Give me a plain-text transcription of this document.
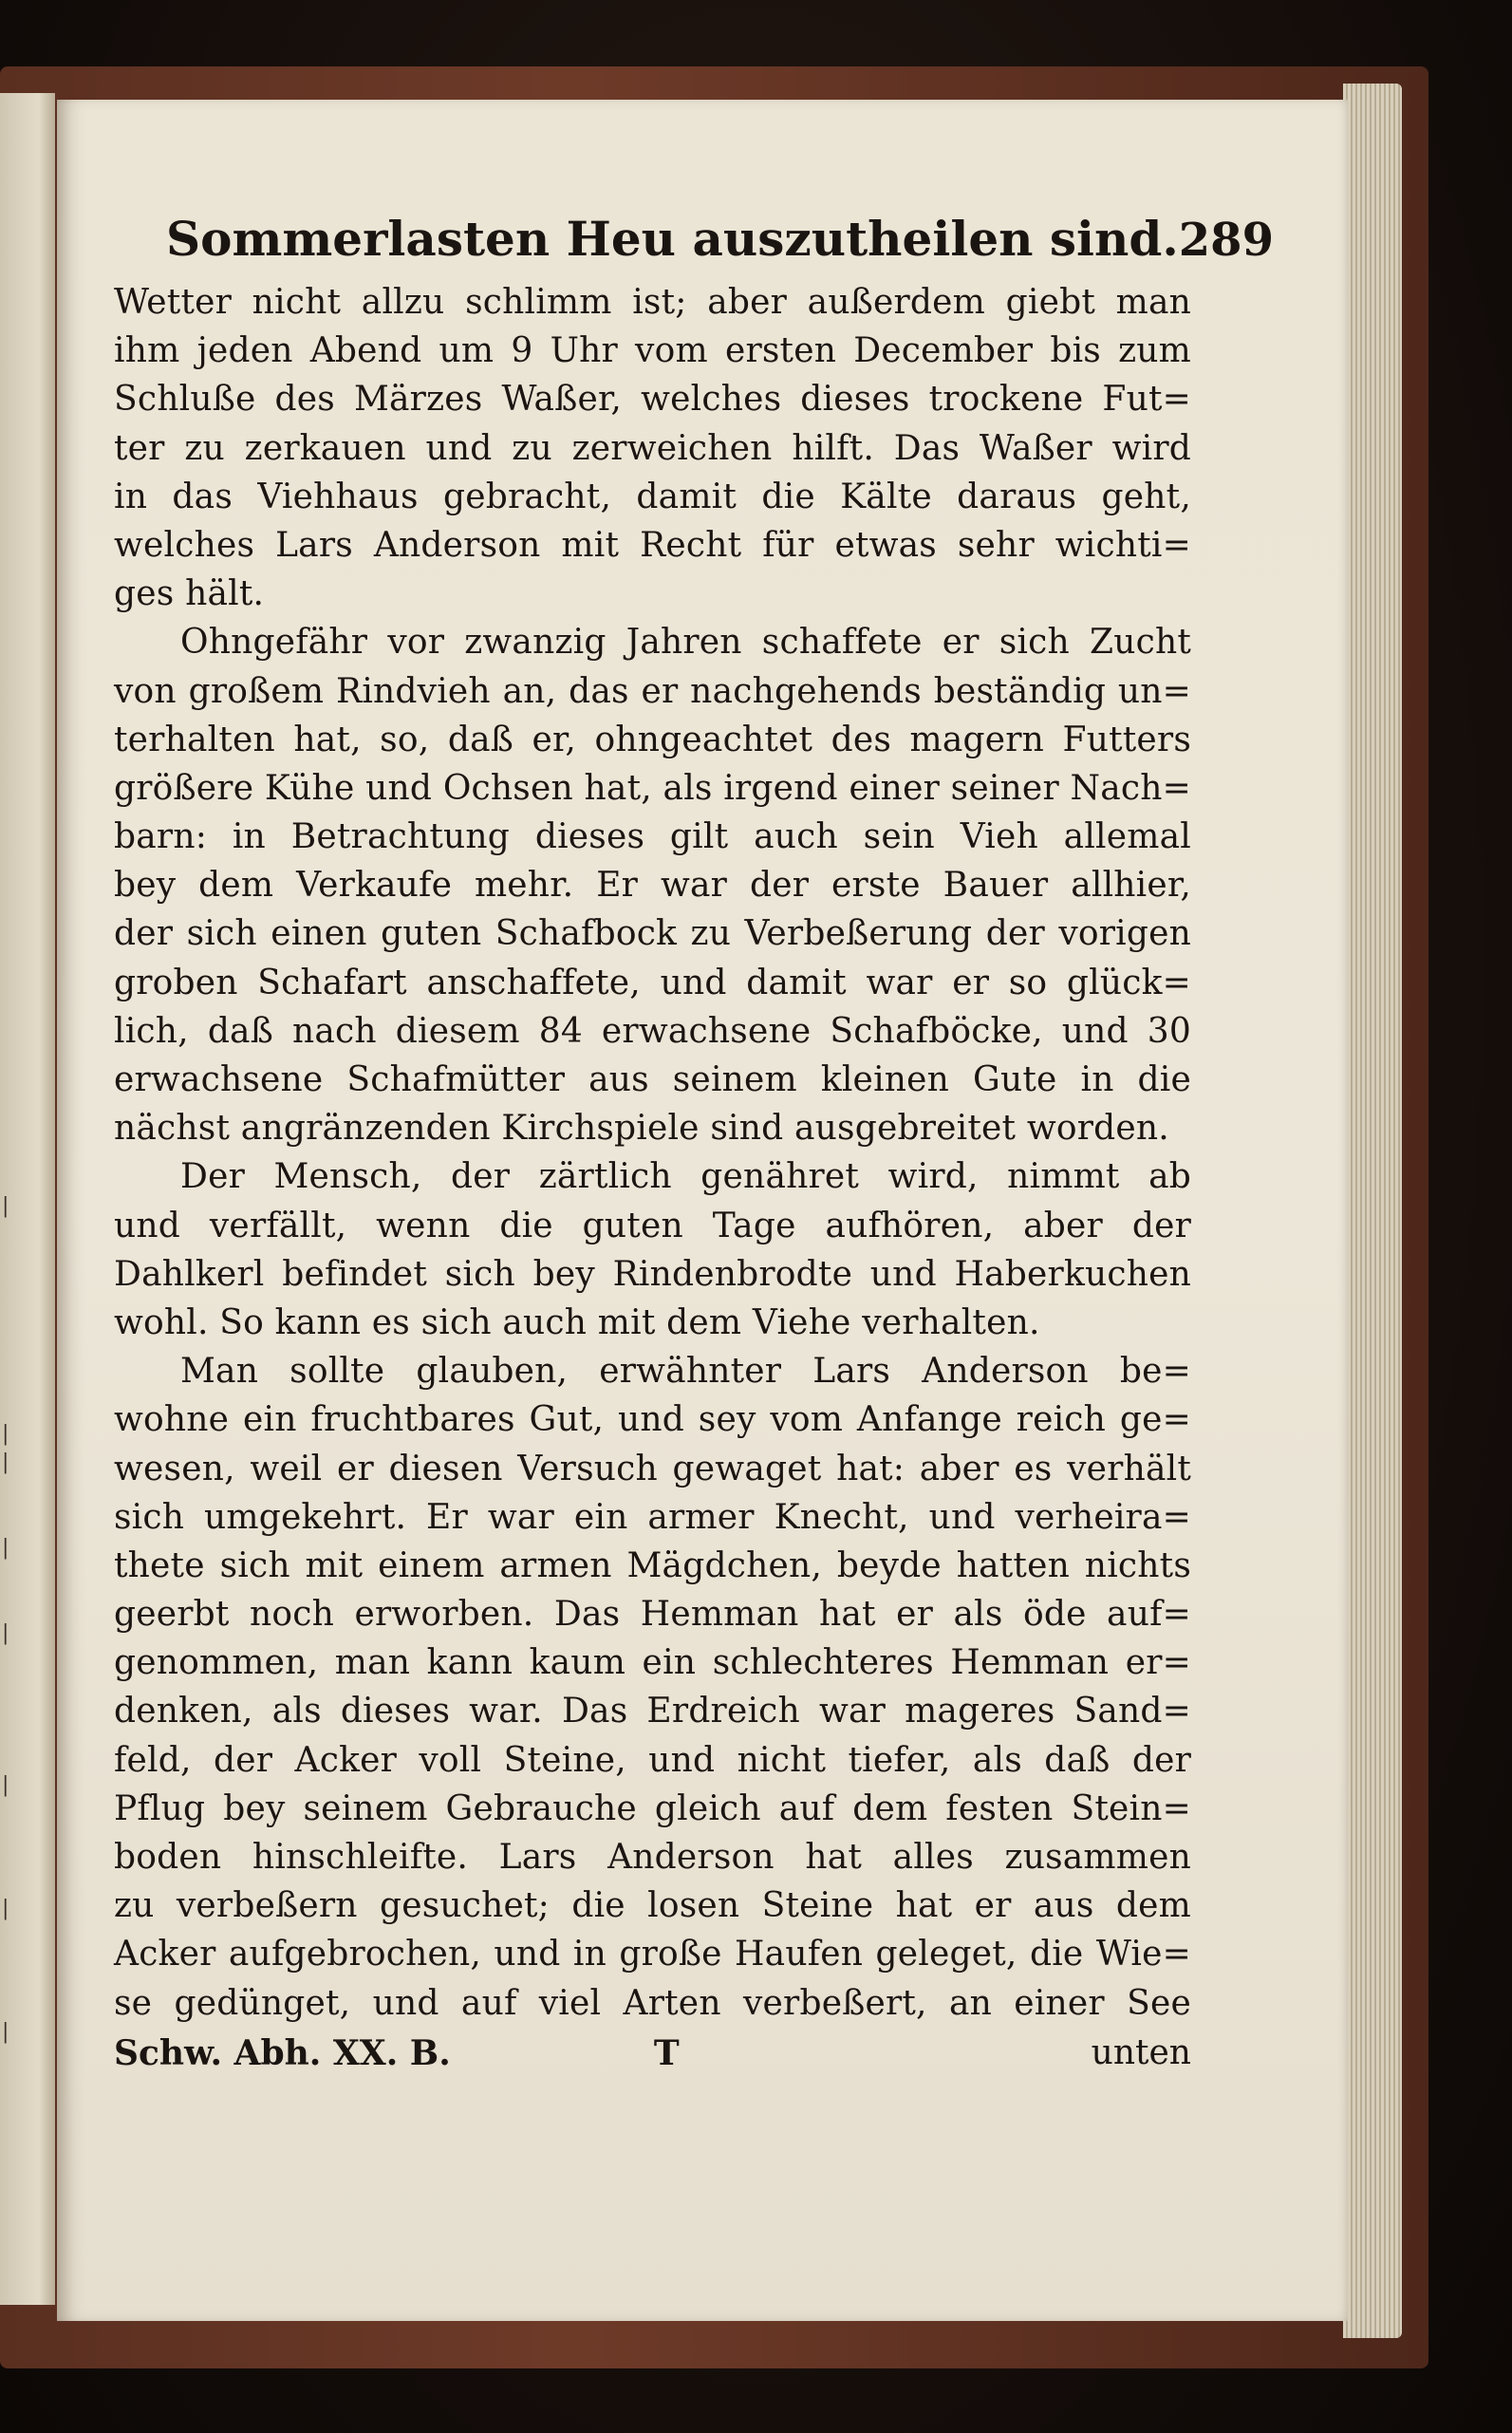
|
|
|
|
|
|
|
|
Sommerlasten Heu auszutheilen sind. 289
Wetter nicht allzu schlimm ist; aber außerdem giebt man
ihm jeden Abend um 9 Uhr vom ersten December bis zum
Schluße des Märzes Waßer, welches dieses trockene Fut=
ter zu zerkauen und zu zerweichen hilft. Das Waßer wird
in das Viehhaus gebracht, damit die Kälte daraus geht,
welches Lars Anderson mit Recht für etwas sehr wichti=
ges hält.
Ohngefähr vor zwanzig Jahren schaffete er sich Zucht
von großem Rindvieh an, das er nachgehends beständig un=
terhalten hat, so, daß er, ohngeachtet des magern Futters
größere Kühe und Ochsen hat, als irgend einer seiner Nach=
barn: in Betrachtung dieses gilt auch sein Vieh allemal
bey dem Verkaufe mehr. Er war der erste Bauer allhier,
der sich einen guten Schafbock zu Verbeßerung der vorigen
groben Schafart anschaffete, und damit war er so glück=
lich, daß nach diesem 84 erwachsene Schafböcke, und 30
erwachsene Schafmütter aus seinem kleinen Gute in die
nächst angränzenden Kirchspiele sind ausgebreitet worden.
Der Mensch, der zärtlich genähret wird, nimmt ab
und verfällt, wenn die guten Tage aufhören, aber der
Dahlkerl befindet sich bey Rindenbrodte und Haberkuchen
wohl. So kann es sich auch mit dem Viehe verhalten.
Man sollte glauben, erwähnter Lars Anderson be=
wohne ein fruchtbares Gut, und sey vom Anfange reich ge=
wesen, weil er diesen Versuch gewaget hat: aber es verhält
sich umgekehrt. Er war ein armer Knecht, und verheira=
thete sich mit einem armen Mägdchen, beyde hatten nichts
geerbt noch erworben. Das Hemman hat er als öde auf=
genommen, man kann kaum ein schlechteres Hemman er=
denken, als dieses war. Das Erdreich war mageres Sand=
feld, der Acker voll Steine, und nicht tiefer, als daß der
Pflug bey seinem Gebrauche gleich auf dem festen Stein=
boden hinschleifte. Lars Anderson hat alles zusammen
zu verbeßern gesuchet; die losen Steine hat er aus dem
Acker aufgebrochen, und in große Haufen geleget, die Wie=
se gedünget, und auf viel Arten verbeßert, an einer See
Schw. Abh. XX. B.	T	unten
